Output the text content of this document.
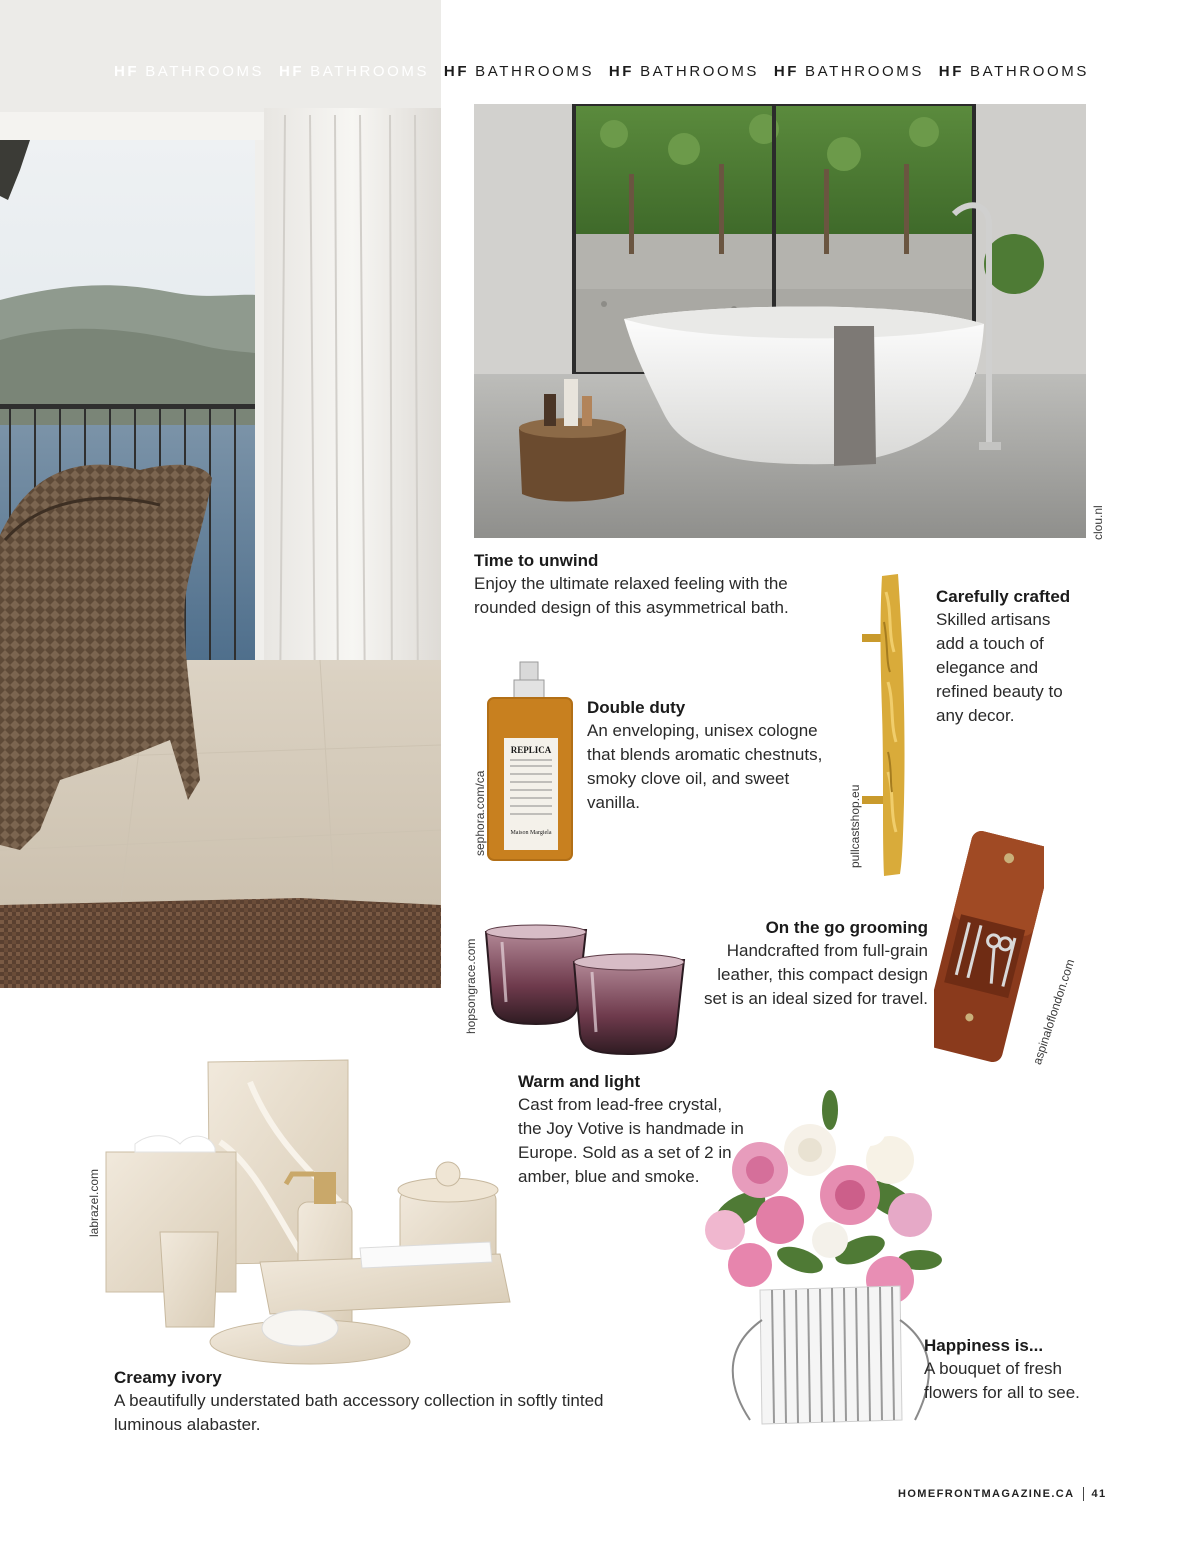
HF BATHROOMS HF BATHROOMS HF BATHROOMS HF BATHROOMS HF BATHROOMS HF BATHROOMS
clou.nl
Time to unwind
Enjoy the ultimate relaxed feeling with the rounded design of this asymmetrical bath.
pullcastshop.eu
Carefully crafted
Skilled artisans add a touch of elegance and refined beauty to any decor.
REPLICA
Maison Margiela
sephora.com/ca
Double duty
An enveloping, unisex cologne that blends aromatic chestnuts, smoky clove oil, and sweet vanilla.
hopsongrace.com
On the go grooming
Handcrafted from full-grain leather, this compact design set is an ideal sized for travel.	aspinaloflondon.com
Warm and light
Cast from lead-free crystal, the Joy Votive is handmade in Europe. Sold as a set of 2 in amber, blue and smoke.
labrazel.com
Creamy ivory
A beautifully understated bath accessory collection in softly tinted luminous alabaster.
Happiness is...
A bouquet of fresh flowers for all to see.
HOMEFRONTMAGAZINE.CA 41
